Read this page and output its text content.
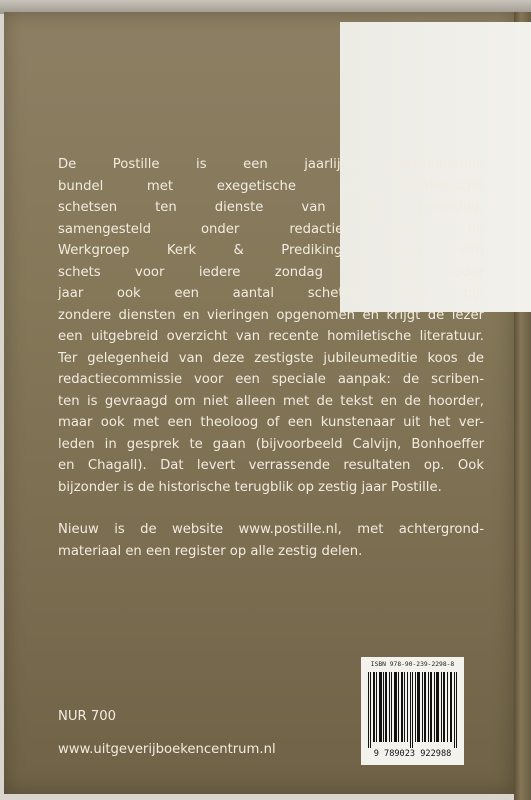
De Postille is een jaarlijks verschijnende
bundel met exegetische en homiletische
schetsen ten dienste van de prediking,
samengesteld onder redactie van de
Werkgroep Kerk & Prediking. Naast een
schets voor iedere zondag is er ieder
jaar ook een aantal schetsen voor bij-
zondere diensten en vieringen opgenomen en krijgt de lezer
een uitgebreid overzicht van recente homiletische literatuur.
Ter gelegenheid van deze zestigste jubileumeditie koos de
redactiecommissie voor een speciale aanpak: de scriben-
ten is gevraagd om niet alleen met de tekst en de hoorder,
maar ook met een theoloog of een kunstenaar uit het ver-
leden in gesprek te gaan (bijvoorbeeld Calvijn, Bonhoeffer
en Chagall). Dat levert verrassende resultaten op. Ook
bijzonder is de historische terugblik op zestig jaar Postille.
Nieuw is de website www.postille.nl, met achtergrond-
materiaal en een register op alle zestig delen.
NUR 700
www.uitgeverijboekencentrum.nl
ISBN 978-90-239-2298-8
9 789023 922988
